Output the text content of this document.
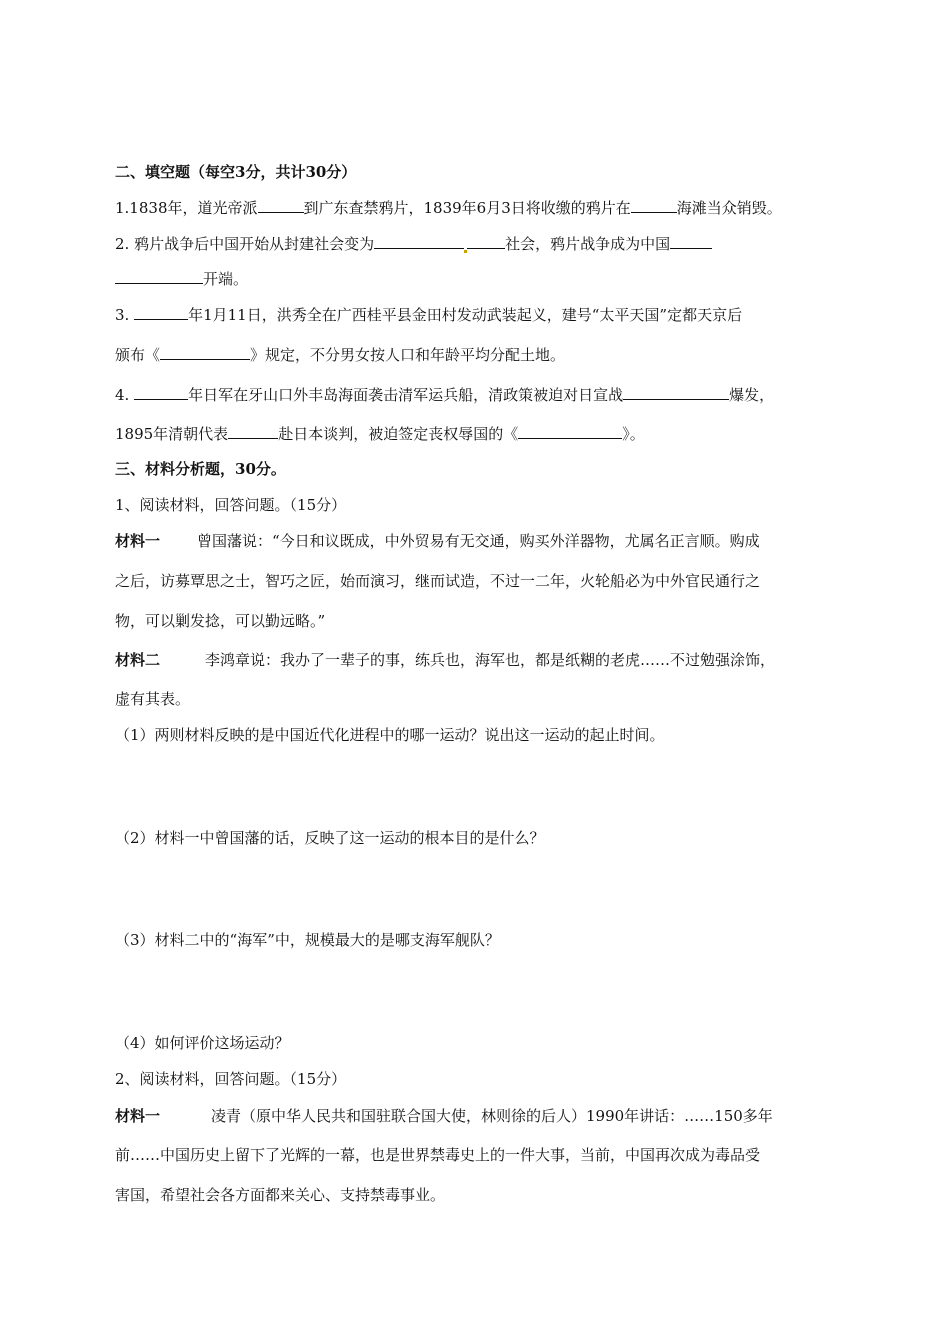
二、填空题（每空3分，共计30分）
1.1838年，道光帝派	到广东查禁鸦片，1839年6月3日将收缴的鸦片在	海滩当众销毁。
2. 鸦片战争后中国开始从封建社会变为	社会，鸦片战争成为中国
开端。
3.	年1月11日，洪秀全在广西桂平县金田村发动武装起义，建号“太平天国”定都天京后
颁布《	》规定，不分男女按人口和年龄平均分配土地。
4.	年日军在牙山口外丰岛海面袭击清军运兵船，清政策被迫对日宣战	爆发，
1895年清朝代表	赴日本谈判，被迫签定丧权辱国的《	》。
三、材料分析题，30分。
1、阅读材料，回答问题。（15分）
材料一 曾国藩说：“今日和议既成，中外贸易有无交通，购买外洋器物，尤属名正言顺。购成
之后，访募覃思之士，智巧之匠，始而演习，继而试造，不过一二年，火轮船必为中外官民通行之
物，可以剿发捻，可以勤远略。”
材料二	李鸿章说：我办了一辈子的事，练兵也，海军也，都是纸糊的老虎……不过勉强涂饰，
虚有其表。
（1）两则材料反映的是中国近代化进程中的哪一运动？说出这一运动的起止时间。
（2）材料一中曾国藩的话，反映了这一运动的根本目的是什么？
（3）材料二中的“海军”中，规模最大的是哪支海军舰队？
（4）如何评价这场运动？
2、阅读材料，回答问题。（15分）
材料一	凌青（原中华人民共和国驻联合国大使，林则徐的后人）1990年讲话：……150多年
前……中国历史上留下了光辉的一幕，也是世界禁毒史上的一件大事，当前，中国再次成为毒品受
害国，希望社会各方面都来关心、支持禁毒事业。
